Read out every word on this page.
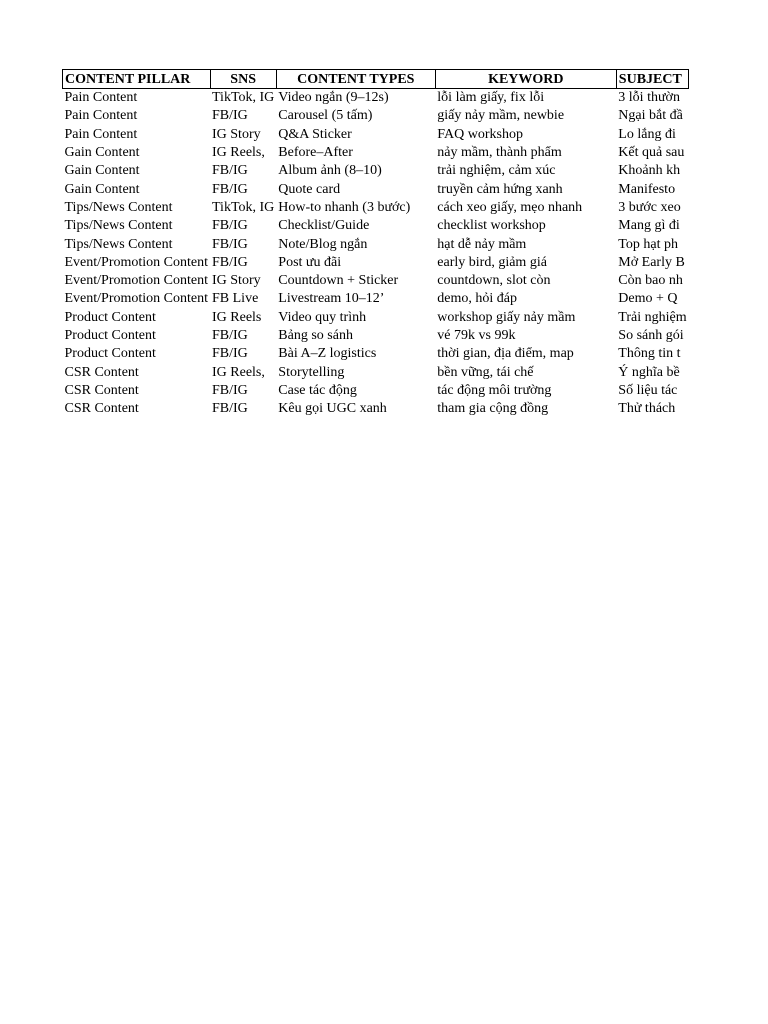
CONTENT PILLAR	SNS	CONTENT TYPES	KEYWORD	SUBJECT
Pain Content	TikTok, IG	Video ngắn (9–12s)	lỗi làm giấy, fix lỗi	3 lỗi thườn
Pain Content	FB/IG	Carousel (5 tấm)	giấy nảy mầm, newbie	Ngại bắt đầ
Pain Content	IG Story	Q&A Sticker	FAQ workshop	Lo lắng đi
Gain Content	IG Reels,	Before–After	nảy mầm, thành phẩm	Kết quả sau
Gain Content	FB/IG	Album ảnh (8–10)	trải nghiệm, cảm xúc	Khoảnh kh
Gain Content	FB/IG	Quote card	truyền cảm hứng xanh	Manifesto
Tips/News Content	TikTok, IG	How-to nhanh (3 bước)	cách xeo giấy, mẹo nhanh	3 bước xeo
Tips/News Content	FB/IG	Checklist/Guide	checklist workshop	Mang gì đi
Tips/News Content	FB/IG	Note/Blog ngắn	hạt dễ nảy mầm	Top hạt ph
Event/Promotion Content	FB/IG	Post ưu đãi	early bird, giảm giá	Mở Early B
Event/Promotion Content	IG Story	Countdown + Sticker	countdown, slot còn	Còn bao nh
Event/Promotion Content	FB Live	Livestream 10–12’	demo, hỏi đáp	Demo + Q
Product Content	IG Reels	Video quy trình	workshop giấy nảy mầm	Trải nghiệm
Product Content	FB/IG	Bảng so sánh	vé 79k vs 99k	So sánh gói
Product Content	FB/IG	Bài A–Z logistics	thời gian, địa điểm, map	Thông tin t
CSR Content	IG Reels,	Storytelling	bền vững, tái chế	Ý nghĩa bề
CSR Content	FB/IG	Case tác động	tác động môi trường	Số liệu tác
CSR Content	FB/IG	Kêu gọi UGC xanh	tham gia cộng đồng	Thử thách
